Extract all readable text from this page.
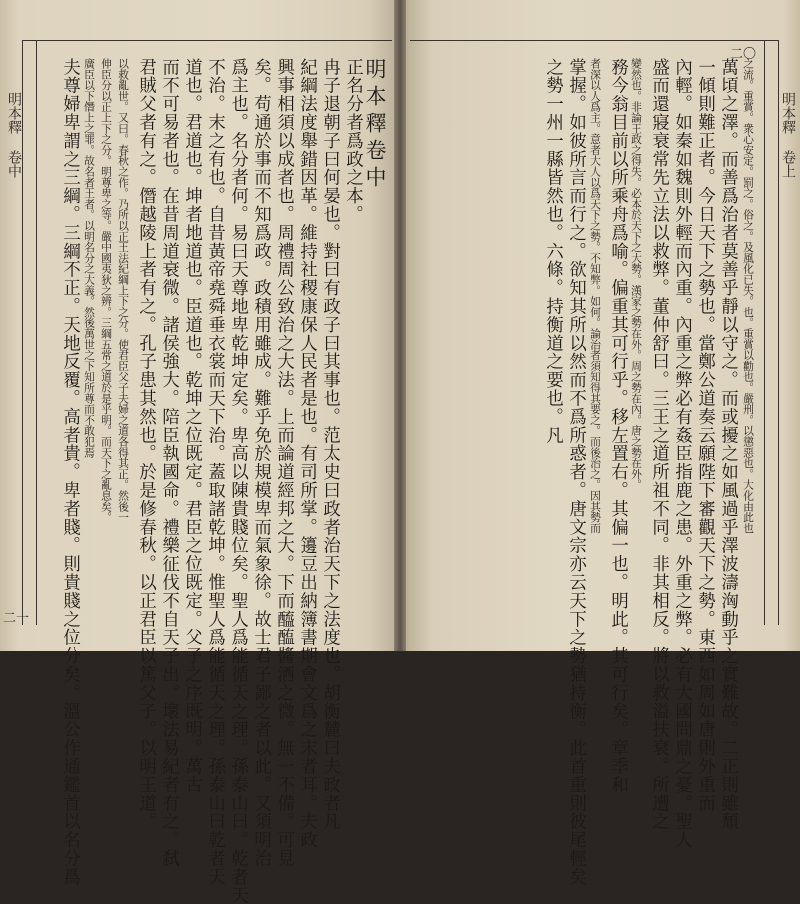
明本釋 卷中
二一
明本釋卷中
正名分者爲政之本。
冉子退朝子曰何晏也。對曰有政子曰其事也。范太史曰政者治天下之法度也。胡衡麓曰夫政者凡
紀綱法度舉錯因革。維持社稷康保人民者是也。有司所掌。籩豆出納簿書期會文爲之末者耳。夫政
興事相須以成者也。周禮周公致治之大法。上而論道經邦之大。下而醯醢醬酒之微。無一不備。可見
矣。苟通於事而不知爲政。政積用雖成。難乎免於規模卑而氣象徐。故士君子鄙之者以此。又須明治
爲主也。名分者何。易曰天尊地卑乾坤定矣。卑高以陳貴賤位矣。聖人爲能循天之理。孫泰山曰。乾者天
不治。末之有也。自昔黃帝堯舜垂衣裳而天下治。蓋取諸乾坤。惟聖人爲能循天之理。孫泰山曰乾者天
道也。君道也。坤者地道也。臣道也。乾坤之位既定。君臣之位既定。父子之序既明。萬古
而不可易者也。在昔周道衰微。諸侯強大。陪臣執國命。禮樂征伐不自天子出。壞法易紀者有之。弑
君賊父者有之。僭越陵上者有之。孔子患其然也。於是修春秋。以正君臣以篤父子。以明王道。
以救亂世。又曰。春秋之作。乃所以正王法紀綱上下之分。使君臣父子夫婦之道各得其正。然後一
伸臣分以正上下之分。明尊卑之等。嚴中國夷狄之辨。三綱五常之道於是乎明。而天下之亂息矣。
廣臣以下僭上之罪。故名者王者。以明名分之大義。然後萬世之下知所尊而不敢犯焉
夫尊婦卑謂之三綱。三綱不正。天地反覆。高者貴。卑者賤。則貴賤之位分矣。溫公作通鑑首以名分爲	明本釋 卷上
二〇
之流。重賞。衆心安定。罰之。俗之。及風化已失。也。重賞以勸也。嚴刑。以懲惡也。大化由此也
萬頃之澤。而善爲治者莫善乎靜以守之。而或擾之如風過乎澤波濤洶動乎之實難故。二正則雖頹
一傾則難正者。今日天下之勢也。當鄭公道奏云願陛下審觀天下之勢。東西如周如唐則外重而
內輕。如秦如魏則外輕而內重。內重之弊必有姦臣指鹿之患。外重之弊。必有大國問鼎之憂。聖人
盛而還寢衰常先立法以救弊。董仲舒曰。三王之道所祖不同。非其相反。將以救溢扶衰。所遭之
變然也。非論王政之得失。必本於天下之大勢。漢家之勢在外。周之勢在內。唐之勢在外。
務今翁目前以所乘舟爲喻。偏重其可行乎。移左置右。其偏一也。明此。其可行矣。章季和
者深以人爲主。意者大人以爲天下之勢。不知弊。如何。論治者須知得其要之。而後治之。因其勢而
掌握。如彼所言而行之。欲知其所以然而不爲所惑者。唐文宗亦云天下之勢猶持衡。此首重則彼尾輕矣
之勢一州一縣皆然也。六條。持衡道之要也。凡
